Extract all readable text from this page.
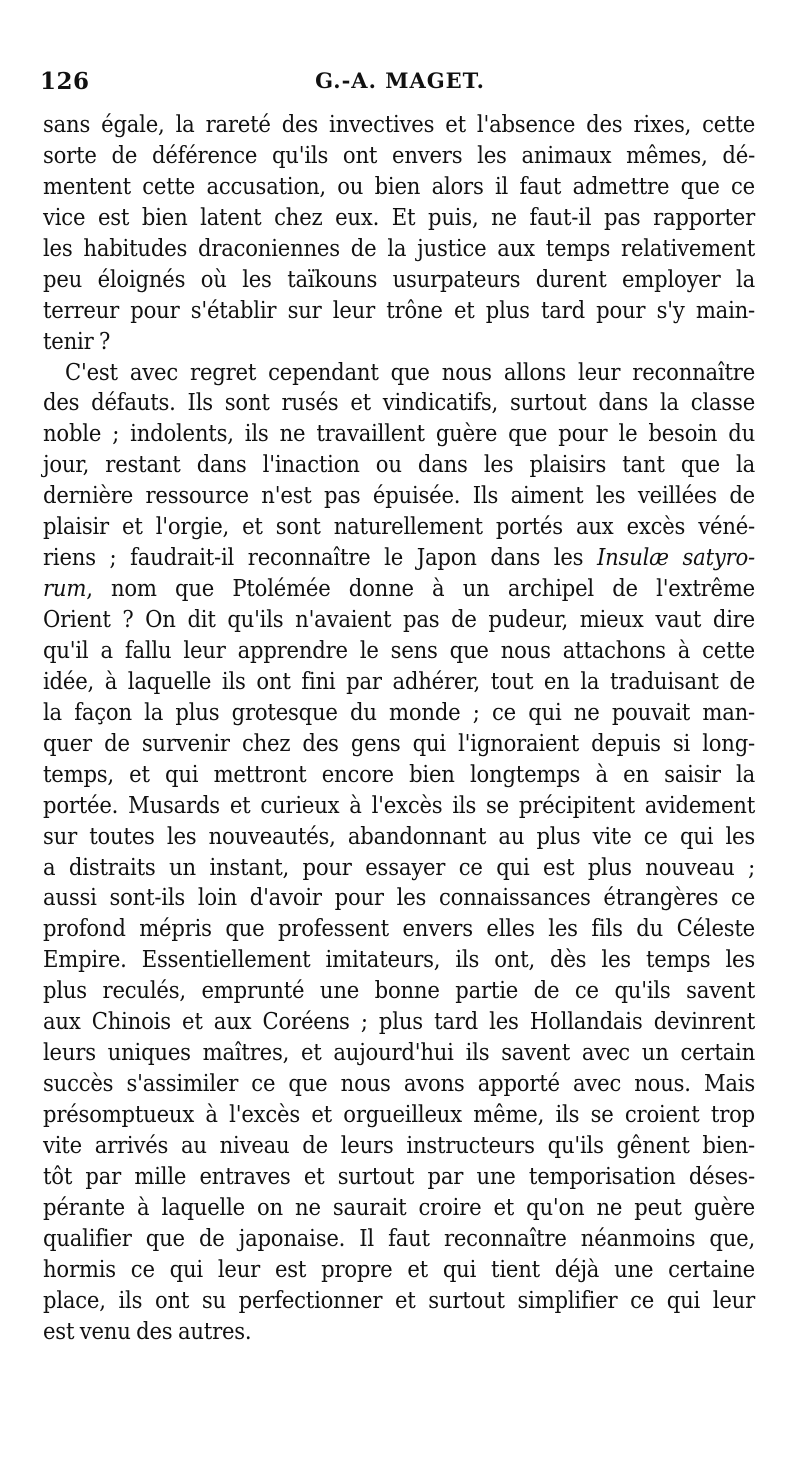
126	G.-A. MAGET.
sans égale, la rareté des invectives et l'absence des rixes, cette
sorte de déférence qu'ils ont envers les animaux mêmes, dé-
mentent cette accusation, ou bien alors il faut admettre que ce
vice est bien latent chez eux. Et puis, ne faut-il pas rapporter
les habitudes draconiennes de la justice aux temps relativement
peu éloignés où les taïkouns usurpateurs durent employer la
terreur pour s'établir sur leur trône et plus tard pour s'y main-
tenir ?
C'est avec regret cependant que nous allons leur reconnaître
des défauts. Ils sont rusés et vindicatifs, surtout dans la classe
noble ; indolents, ils ne travaillent guère que pour le besoin du
jour, restant dans l'inaction ou dans les plaisirs tant que la
dernière ressource n'est pas épuisée. Ils aiment les veillées de
plaisir et l'orgie, et sont naturellement portés aux excès véné-
riens ; faudrait-il reconnaître le Japon dans les Insulæ satyro-
rum, nom que Ptolémée donne à un archipel de l'extrême
Orient ? On dit qu'ils n'avaient pas de pudeur, mieux vaut dire
qu'il a fallu leur apprendre le sens que nous attachons à cette
idée, à laquelle ils ont fini par adhérer, tout en la traduisant de
la façon la plus grotesque du monde ; ce qui ne pouvait man-
quer de survenir chez des gens qui l'ignoraient depuis si long-
temps, et qui mettront encore bien longtemps à en saisir la
portée. Musards et curieux à l'excès ils se précipitent avidement
sur toutes les nouveautés, abandonnant au plus vite ce qui les
a distraits un instant, pour essayer ce qui est plus nouveau ;
aussi sont-ils loin d'avoir pour les connaissances étrangères ce
profond mépris que professent envers elles les fils du Céleste
Empire. Essentiellement imitateurs, ils ont, dès les temps les
plus reculés, emprunté une bonne partie de ce qu'ils savent
aux Chinois et aux Coréens ; plus tard les Hollandais devinrent
leurs uniques maîtres, et aujourd'hui ils savent avec un certain
succès s'assimiler ce que nous avons apporté avec nous. Mais
présomptueux à l'excès et orgueilleux même, ils se croient trop
vite arrivés au niveau de leurs instructeurs qu'ils gênent bien-
tôt par mille entraves et surtout par une temporisation déses-
pérante à laquelle on ne saurait croire et qu'on ne peut guère
qualifier que de japonaise. Il faut reconnaître néanmoins que,
hormis ce qui leur est propre et qui tient déjà une certaine
place, ils ont su perfectionner et surtout simplifier ce qui leur
est venu des autres.
